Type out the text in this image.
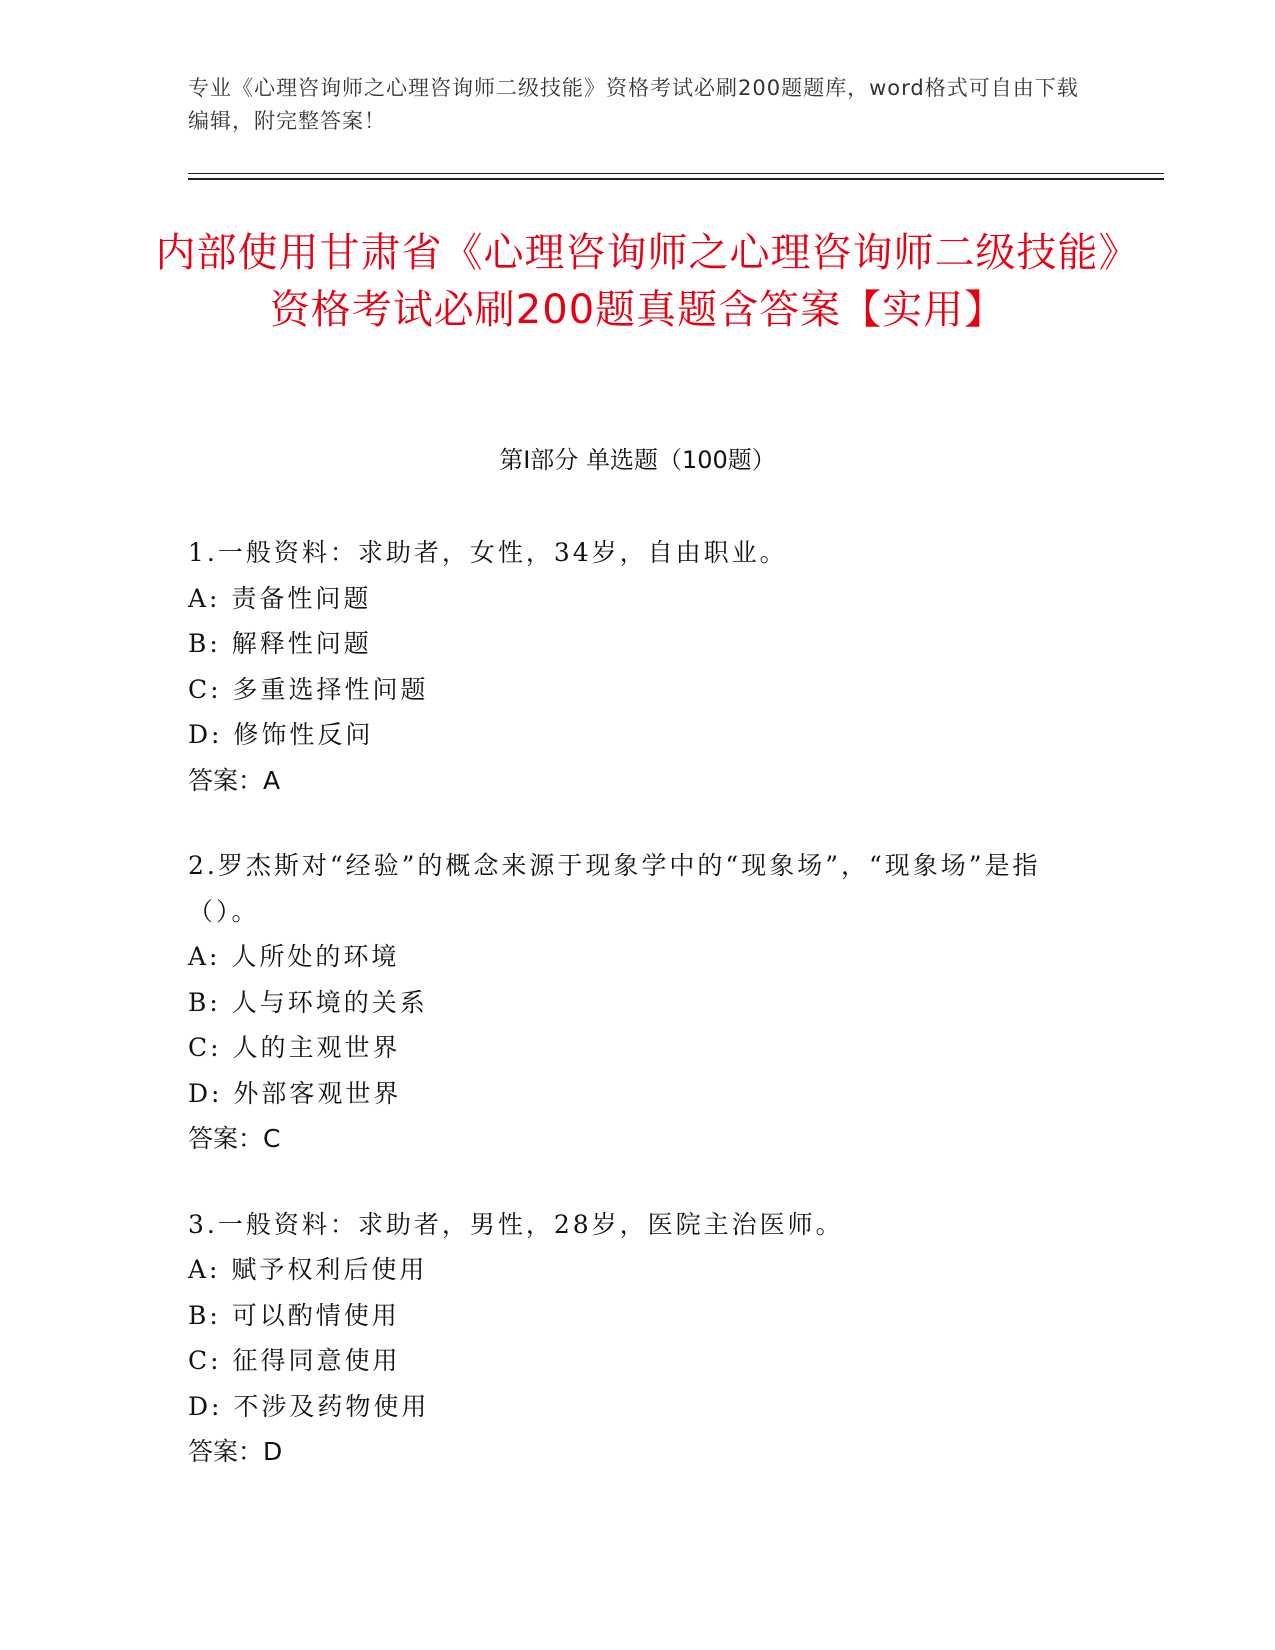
专业《心理咨询师之心理咨询师二级技能》资格考试必刷200题题库，word格式可自由下载编辑，附完整答案！
内部使用甘肃省《心理咨询师之心理咨询师二级技能》资格考试必刷200题真题含答案【实用】
第Ⅰ部分 单选题（100题）
1.一般资料：求助者，女性，34岁，自由职业。
A: 责备性问题
B: 解释性问题
C: 多重选择性问题
D: 修饰性反问
答案：A
2.罗杰斯对“经验”的概念来源于现象学中的“现象场”，“现象场”是指（）。
A: 人所处的环境
B: 人与环境的关系
C: 人的主观世界
D: 外部客观世界
答案：C
3.一般资料：求助者，男性，28岁，医院主治医师。
A: 赋予权利后使用
B: 可以酌情使用
C: 征得同意使用
D: 不涉及药物使用
答案：D
